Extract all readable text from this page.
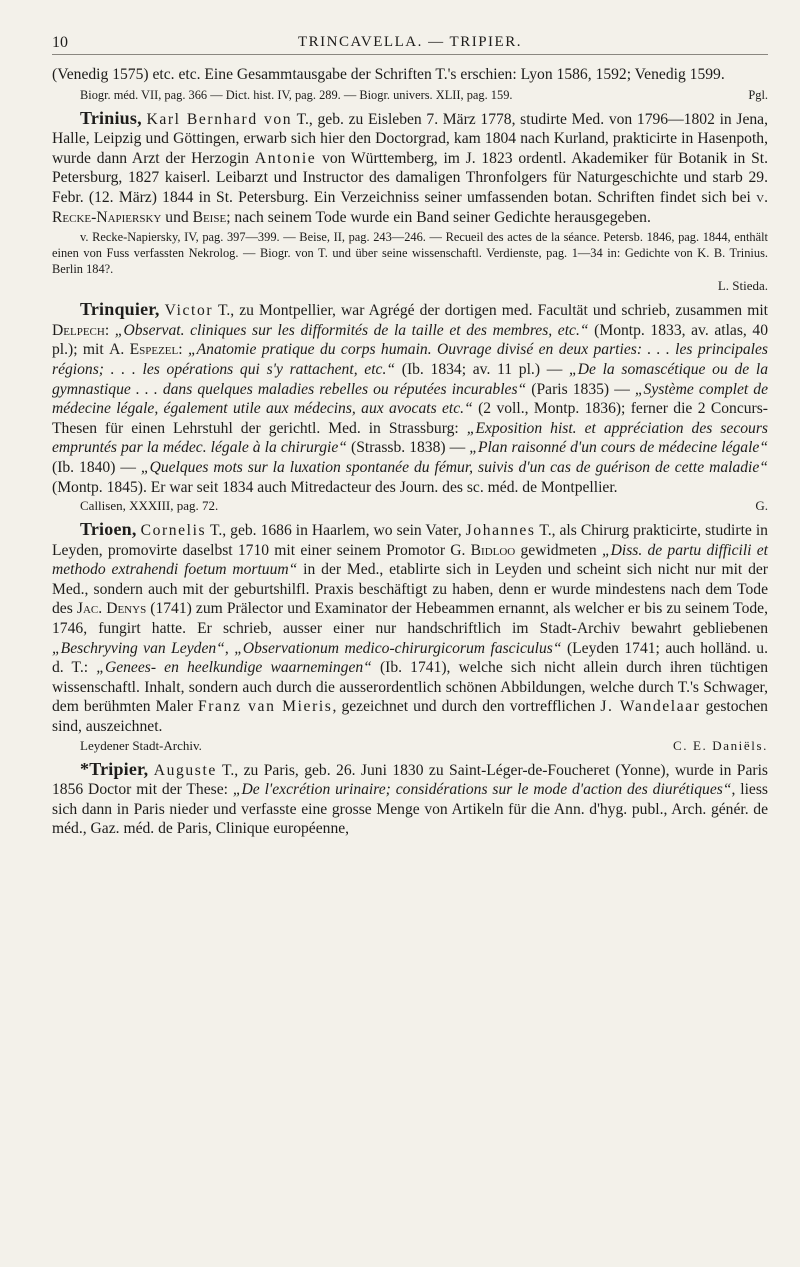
10	TRINCAVELLA. — TRIPIER.

(Venedig 1575) etc. etc. Eine Gesammtausgabe der Schriften T.'s erschien: Lyon 1586, 1592; Venedig 1599.

Biogr. méd. VII, pag. 366 — Dict. hist. IV, pag. 289. — Biogr. univers. XLII, pag. 159.	Pgl.

Trinius, Karl Bernhard von T., geb. zu Eisleben 7. März 1778, studirte Med. von 1796—1802 in Jena, Halle, Leipzig und Göttingen, erwarb sich hier den Doctorgrad, kam 1804 nach Kurland, prakticirte in Hasenpoth, wurde dann Arzt der Herzogin Antonie von Württemberg, im J. 1823 ordentl. Akademiker für Botanik in St. Petersburg, 1827 kaiserl. Leibarzt und Instructor des damaligen Thronfolgers für Naturgeschichte und starb 29. Febr. (12. März) 1844 in St. Petersburg. Ein Verzeichniss seiner umfassenden botan. Schriften findet sich bei v. Recke-Napiersky und Beise; nach seinem Tode wurde ein Band seiner Gedichte herausgegeben.

v. Recke-Napiersky, IV, pag. 397—399. — Beise, II, pag. 243—246. — Recueil des actes de la séance. Petersb. 1846, pag. 1844, enthält einen von Fuss verfassten Nekrolog. — Biogr. von T. und über seine wissenschaftl. Verdienste, pag. 1—34 in: Gedichte von K. B. Trinius. Berlin 184?.

L. Stieda.

Trinquier, Victor T., zu Montpellier, war Agrégé der dortigen med. Facultät und schrieb, zusammen mit Delpech: „Observat. cliniques sur les difformités de la taille et des membres, etc.“ (Montp. 1833, av. atlas, 40 pl.); mit A. Espezel: „Anatomie pratique du corps humain. Ouvrage divisé en deux parties: . . . les principales régions; . . . les opérations qui s'y rattachent, etc.“ (Ib. 1834; av. 11 pl.) — „De la somascétique ou de la gymnastique . . . dans quelques maladies rebelles ou réputées incurables“ (Paris 1835) — „Système complet de médecine légale, également utile aux médecins, aux avocats etc.“ (2 voll., Montp. 1836); ferner die 2 Concurs-Thesen für einen Lehrstuhl der gerichtl. Med. in Strassburg: „Exposition hist. et appréciation des secours empruntés par la médec. légale à la chirurgie“ (Strassb. 1838) — „Plan raisonné d'un cours de médecine légale“ (Ib. 1840) — „Quelques mots sur la luxation spontanée du fémur, suivis d'un cas de guérison de cette maladie“ (Montp. 1845). Er war seit 1834 auch Mitredacteur des Journ. des sc. méd. de Montpellier.

Callisen, XXXIII, pag. 72.	G.

Trioen, Cornelis T., geb. 1686 in Haarlem, wo sein Vater, Johannes T., als Chirurg prakticirte, studirte in Leyden, promovirte daselbst 1710 mit einer seinem Promotor G. Bidloo gewidmeten „Diss. de partu difficili et methodo extrahendi foetum mortuum“ in der Med., etablirte sich in Leyden und scheint sich nicht nur mit der Med., sondern auch mit der geburtshilfl. Praxis beschäftigt zu haben, denn er wurde mindestens nach dem Tode des Jac. Denys (1741) zum Prälector und Examinator der Hebeammen ernannt, als welcher er bis zu seinem Tode, 1746, fungirt hatte. Er schrieb, ausser einer nur handschriftlich im Stadt-Archiv bewahrt gebliebenen „Beschryving van Leyden“, „Observationum medico-chirurgicorum fasciculus“ (Leyden 1741; auch holländ. u. d. T.: „Genees- en heelkundige waarnemingen“ (Ib. 1741), welche sich nicht allein durch ihren tüchtigen wissenschaftl. Inhalt, sondern auch durch die ausserordentlich schönen Abbildungen, welche durch T.'s Schwager, dem berühmten Maler Franz van Mieris, gezeichnet und durch den vortrefflichen J. Wandelaar gestochen sind, auszeichnet.

Leydener Stadt-Archiv.	C. E. Daniëls.

*Tripier, Auguste T., zu Paris, geb. 26. Juni 1830 zu Saint-Léger-de-Foucheret (Yonne), wurde in Paris 1856 Doctor mit der These: „De l'excrétion urinaire; considérations sur le mode d'action des diurétiques“, liess sich dann in Paris nieder und verfasste eine grosse Menge von Artikeln für die Ann. d'hyg. publ., Arch. génér. de méd., Gaz. méd. de Paris, Clinique européenne,
